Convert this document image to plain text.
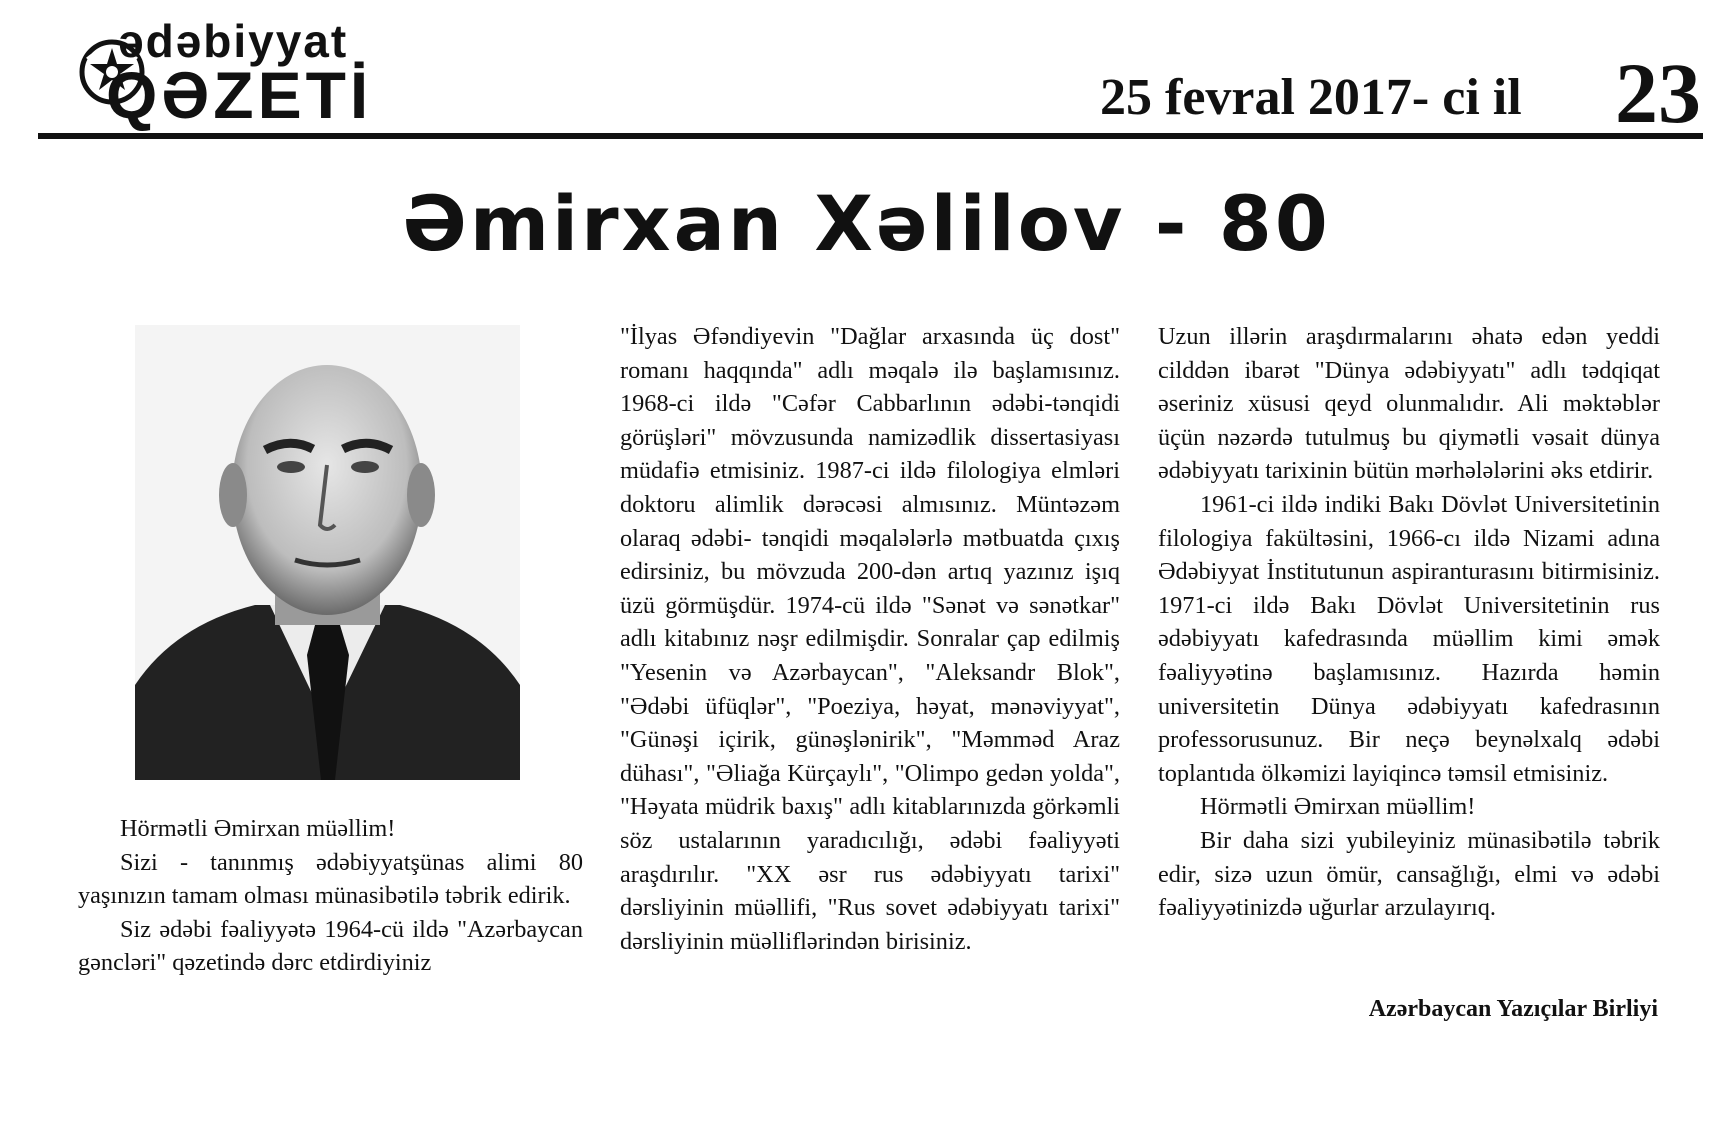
ədəbiyyat
QƏZETİ	25 fevral 2017- ci il 23
Əmirxan Xəlilov - 80

Hörmətli Əmirxan müəllim!

Sizi - tanınmış ədəbiyyatşünas alimi 80 yaşınızın tamam olması münasibətilə təbrik edirik.

Siz ədəbi fəaliyyətə 1964-cü ildə "Azərbaycan gəncləri" qəzetində dərc etdirdiyiniz

"İlyas Əfəndiyevin "Dağlar arxasında üç dost" romanı haqqında" adlı məqalə ilə başlamısınız. 1968-ci ildə "Cəfər Cabbarlının ədəbi-tənqidi görüşləri" mövzusunda namizədlik dissertasiyası müdafiə etmisiniz. 1987-ci ildə filologiya elmləri doktoru alimlik dərəcəsi almısınız. Müntəzəm olaraq ədəbi- tənqidi məqalələrlə mətbuatda çıxış edirsiniz, bu mövzuda 200-dən artıq yazınız işıq üzü görmüşdür. 1974-cü ildə "Sənət və sənətkar" adlı kitabınız nəşr edilmişdir. Sonralar çap edilmiş "Yesenin və Azərbaycan", "Aleksandr Blok", "Ədəbi üfüqlər", "Poeziya, həyat, mənəviyyat", "Günəşi içirik, günəşlənirik", "Məmməd Araz dühası", "Əliağa Kürçaylı", "Olimpo gedən yolda", "Həyata müdrik baxış" adlı kitablarınızda görkəmli söz ustalarının yaradıcılığı, ədəbi fəaliyyəti araşdırılır. "XX əsr rus ədəbiyyatı tarixi" dərsliyinin müəllifi, "Rus sovet ədəbiyyatı tarixi" dərsliyinin müəlliflərindən birisiniz.

Uzun illərin araşdırmalarını əhatə edən yeddi cilddən ibarət "Dünya ədəbiyyatı" adlı tədqiqat əseriniz xüsusi qeyd olunmalıdır. Ali məktəblər üçün nəzərdə tutulmuş bu qiymətli vəsait dünya ədəbiyyatı tarixinin bütün mərhələlərini əks etdirir.

1961-ci ildə indiki Bakı Dövlət Universitetinin filologiya fakültəsini, 1966-cı ildə Nizami adına Ədəbiyyat İnstitutunun aspiranturasını bitirmisiniz. 1971-ci ildə Bakı Dövlət Universitetinin rus ədəbiyyatı kafedrasında müəllim kimi əmək fəaliyyətinə başlamısınız. Hazırda həmin universitetin Dünya ədəbiyyatı kafedrasının professorusunuz. Bir neçə beynəlxalq ədəbi toplantıda ölkəmizi layiqincə təmsil etmisiniz.

Hörmətli Əmirxan müəllim!

Bir daha sizi yubileyiniz münasibətilə təbrik edir, sizə uzun ömür, cansağlığı, elmi və ədəbi fəaliyyətinizdə uğurlar arzulayırıq.

Azərbaycan Yazıçılar Birliyi
